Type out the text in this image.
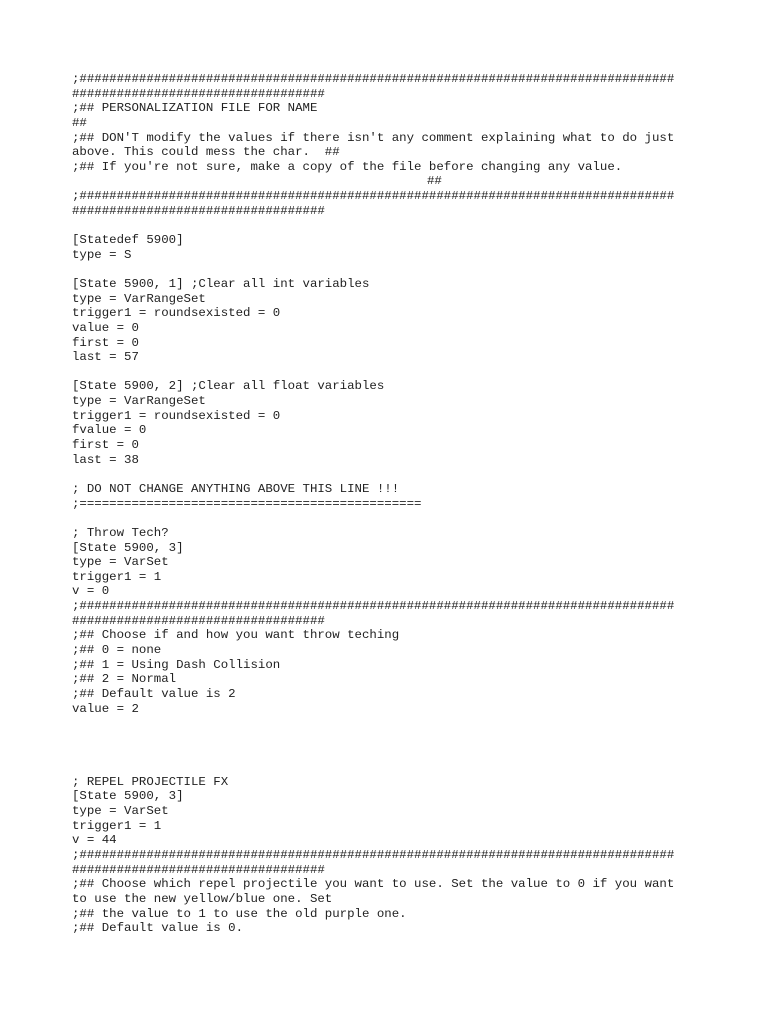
;################################################################################
##################################
;## PERSONALIZATION FILE FOR NAME
##
;## DON'T modify the values if there isn't any comment explaining what to do just
above. This could mess the char.  ##
;## If you're not sure, make a copy of the file before changing any value.
##
;################################################################################
##################################
[Statedef 5900]
type = S
[State 5900, 1] ;Clear all int variables
type = VarRangeSet
trigger1 = roundsexisted = 0
value = 0
first = 0
last = 57
[State 5900, 2] ;Clear all float variables
type = VarRangeSet
trigger1 = roundsexisted = 0
fvalue = 0
first = 0
last = 38
; DO NOT CHANGE ANYTHING ABOVE THIS LINE !!!
;==============================================
; Throw Tech?
[State 5900, 3]
type = VarSet
trigger1 = 1
v = 0
;################################################################################
##################################
;## Choose if and how you want throw teching
;## 0 = none
;## 1 = Using Dash Collision
;## 2 = Normal
;## Default value is 2
value = 2
; REPEL PROJECTILE FX
[State 5900, 3]
type = VarSet
trigger1 = 1
v = 44
;################################################################################
##################################
;## Choose which repel projectile you want to use. Set the value to 0 if you want
to use the new yellow/blue one. Set
;## the value to 1 to use the old purple one.
;## Default value is 0.
